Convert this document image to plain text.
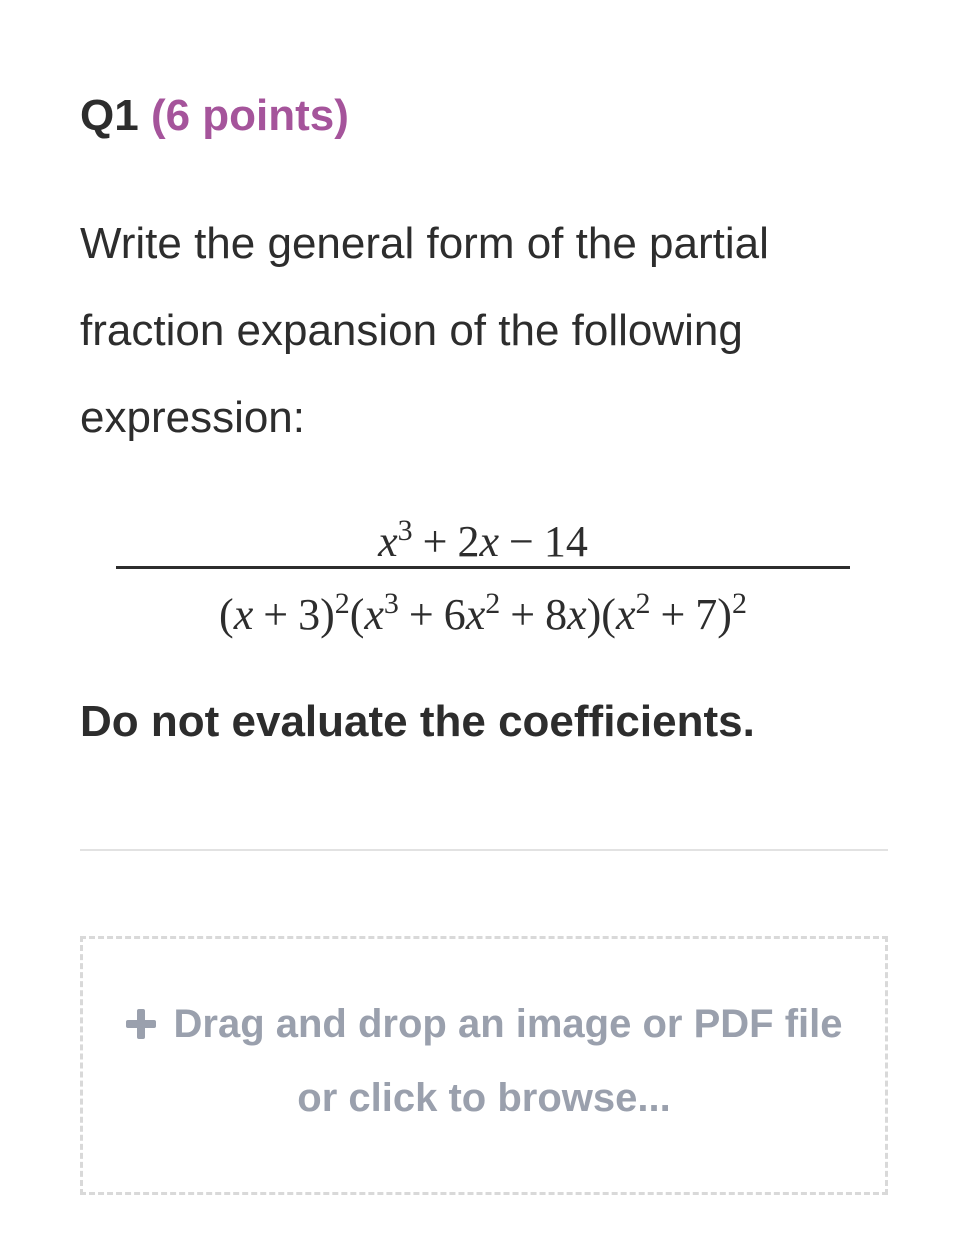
Q1 (6 points)
Write the general form of the partial fraction expansion of the following expression:
$x^3 + 2x - 14$
$(x + 3)^2(x^3 + 6x^2 + 8x)(x^2 + 7)^2$
Do not evaluate the coefficients.
Drag and drop an image or PDF file or click to browse...
